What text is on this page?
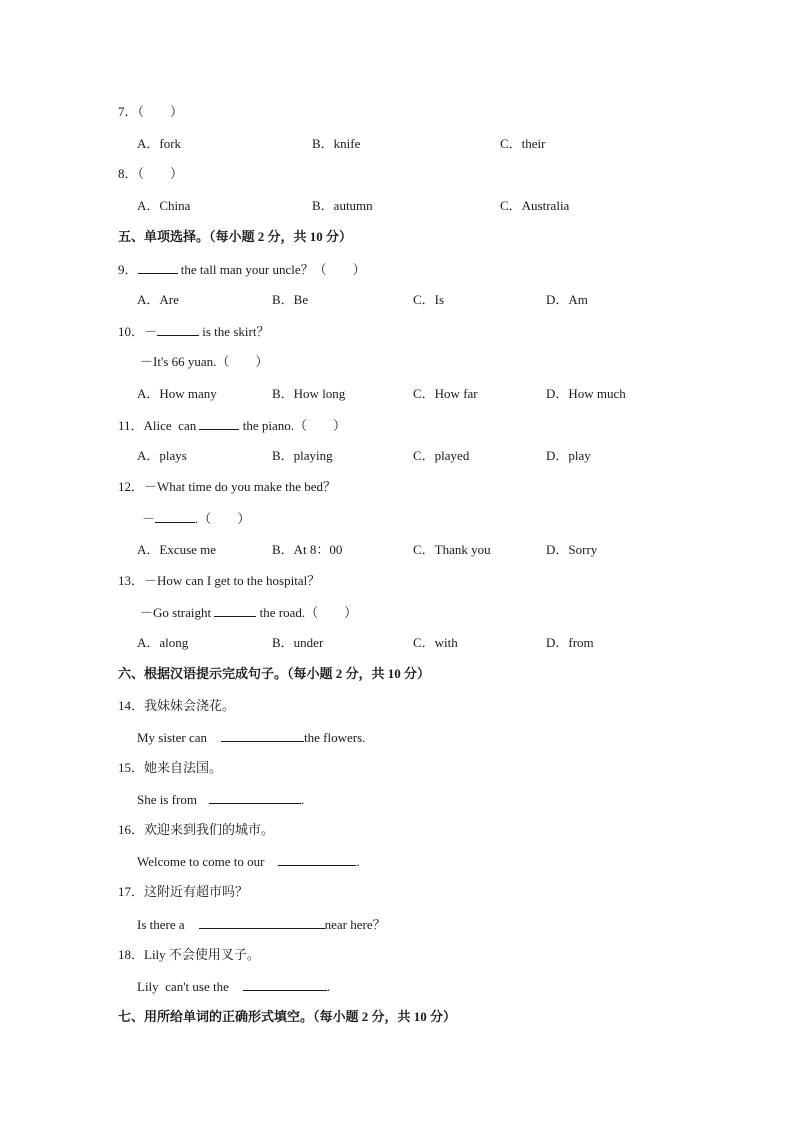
7．（　　）
A．fork	B．knife	C．their
8．（　　）
A．China	B．autumn	C．Australia
五、单项选择。（每小题 2 分，共 10 分）
9．	the tall man your uncle？（　　）
A．Are	B．Be	C．Is	D．Am
10．－	is the skirt？
－It's 66 yuan.（　　）
A．How many	B．How long	C．How far	D．How much
11．Alice  can	the piano.（　　）
A．plays	B．playing	C．played	D．play
12．－What time do you make the bed？
－	.（　　）
A．Excuse me	B．At 8：00	C．Thank you	D．Sorry
13．－How can I get to the hospital？
－Go straight	the road.（　　）
A．along	B．under	C．with	D．from
六、根据汉语提示完成句子。（每小题 2 分，共 10 分）
14．我妹妹会浇花。
My sister can	the flowers.
15．她来自法国。
She is from	.
16．欢迎来到我们的城市。
Welcome to come to our	.
17．这附近有超市吗？
Is there a	near here？
18．Lily 不会使用叉子。
Lily  can't use the	.
七、用所给单词的正确形式填空。（每小题 2 分，共 10 分）
